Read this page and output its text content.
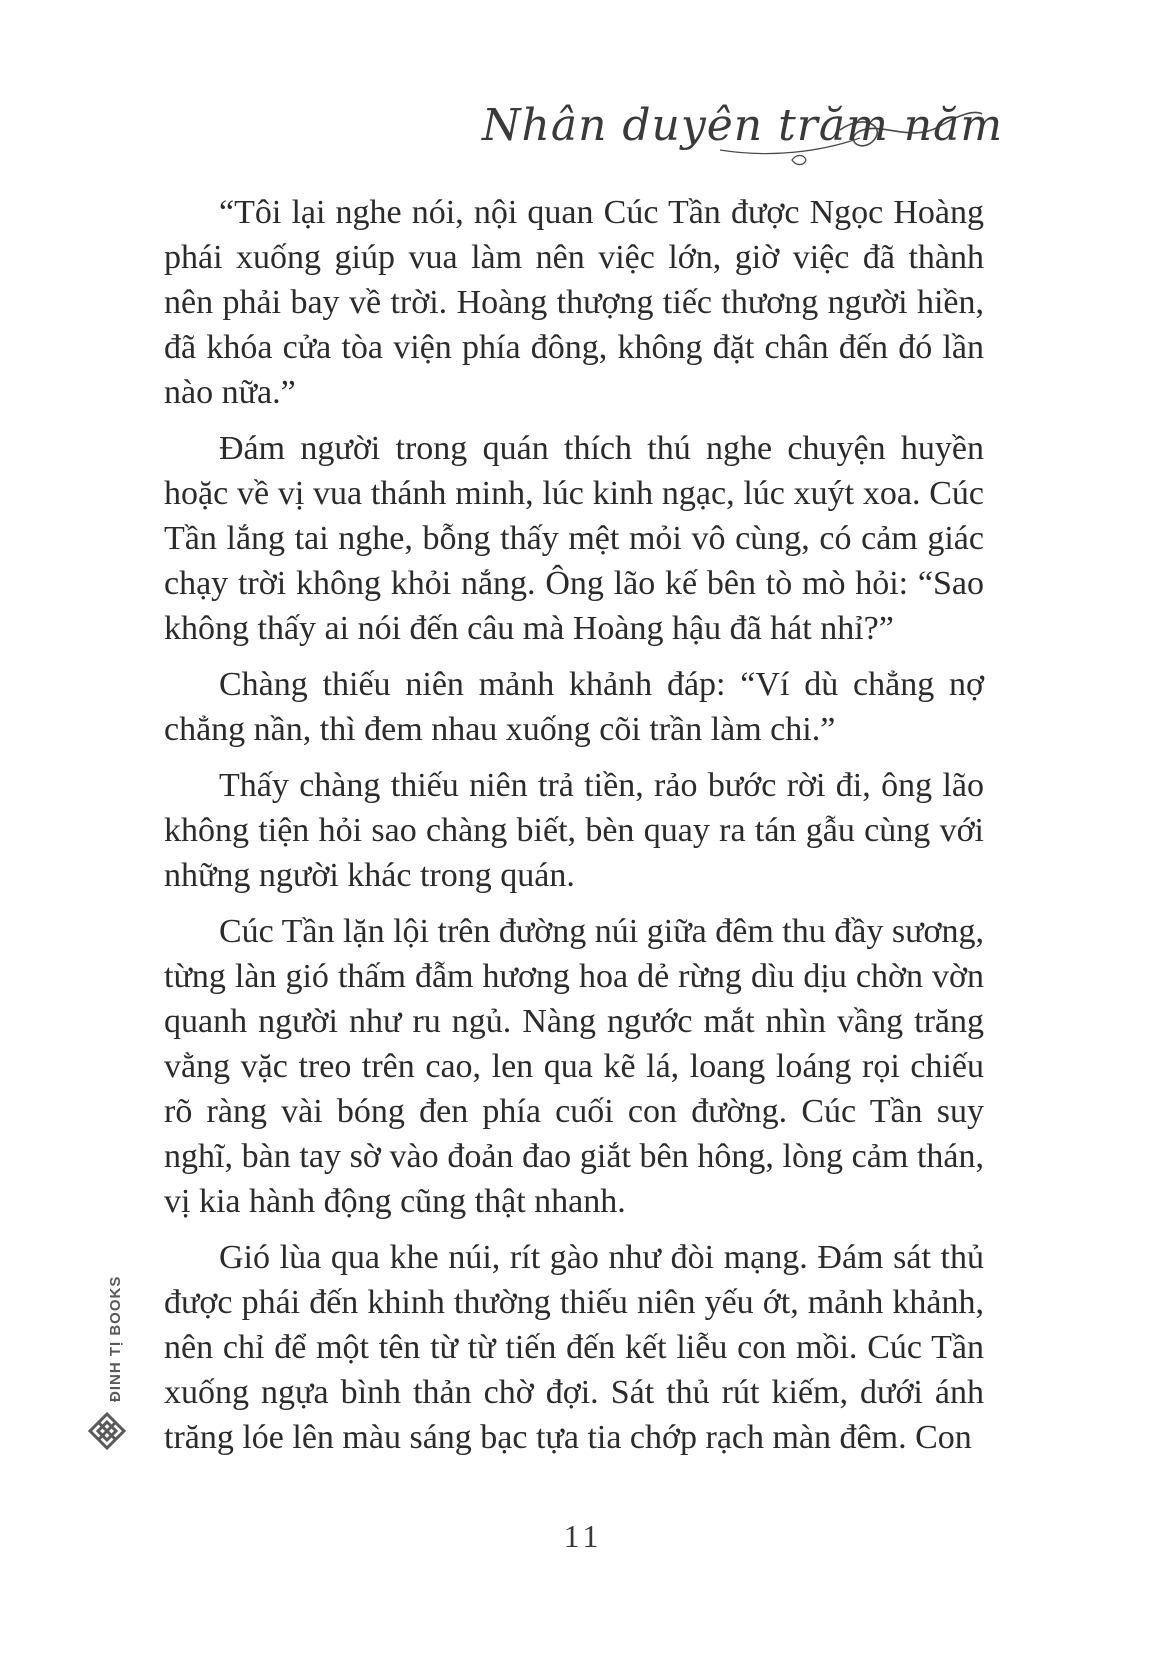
Nhân duyên trăm năm

“Tôi lại nghe nói, nội quan Cúc Tần được Ngọc Hoàng phái xuống giúp vua làm nên việc lớn, giờ việc đã thành nên phải bay về trời. Hoàng thượng tiếc thương người hiền, đã khóa cửa tòa viện phía đông, không đặt chân đến đó lần nào nữa.”

Đám người trong quán thích thú nghe chuyện huyền hoặc về vị vua thánh minh, lúc kinh ngạc, lúc xuýt xoa. Cúc Tần lắng tai nghe, bỗng thấy mệt mỏi vô cùng, có cảm giác chạy trời không khỏi nắng. Ông lão kế bên tò mò hỏi: “Sao không thấy ai nói đến câu mà Hoàng hậu đã hát nhỉ?”

Chàng thiếu niên mảnh khảnh đáp: “Ví dù chẳng nợ chẳng nần, thì đem nhau xuống cõi trần làm chi.”

Thấy chàng thiếu niên trả tiền, rảo bước rời đi, ông lão không tiện hỏi sao chàng biết, bèn quay ra tán gẫu cùng với những người khác trong quán.

Cúc Tần lặn lội trên đường núi giữa đêm thu đầy sương, từng làn gió thấm đẫm hương hoa dẻ rừng dìu dịu chờn vờn quanh người như ru ngủ. Nàng ngước mắt nhìn vầng trăng vằng vặc treo trên cao, len qua kẽ lá, loang loáng rọi chiếu rõ ràng vài bóng đen phía cuối con đường. Cúc Tần suy nghĩ, bàn tay sờ vào đoản đao giắt bên hông, lòng cảm thán, vị kia hành động cũng thật nhanh.

Gió lùa qua khe núi, rít gào như đòi mạng. Đám sát thủ được phái đến khinh thường thiếu niên yếu ớt, mảnh khảnh, nên chỉ để một tên từ từ tiến đến kết liễu con mồi. Cúc Tần xuống ngựa bình thản chờ đợi. Sát thủ rút kiếm, dưới ánh trăng lóe lên màu sáng bạc tựa tia chớp rạch màn đêm. Con

ĐINH TỊ BOOKS
11
